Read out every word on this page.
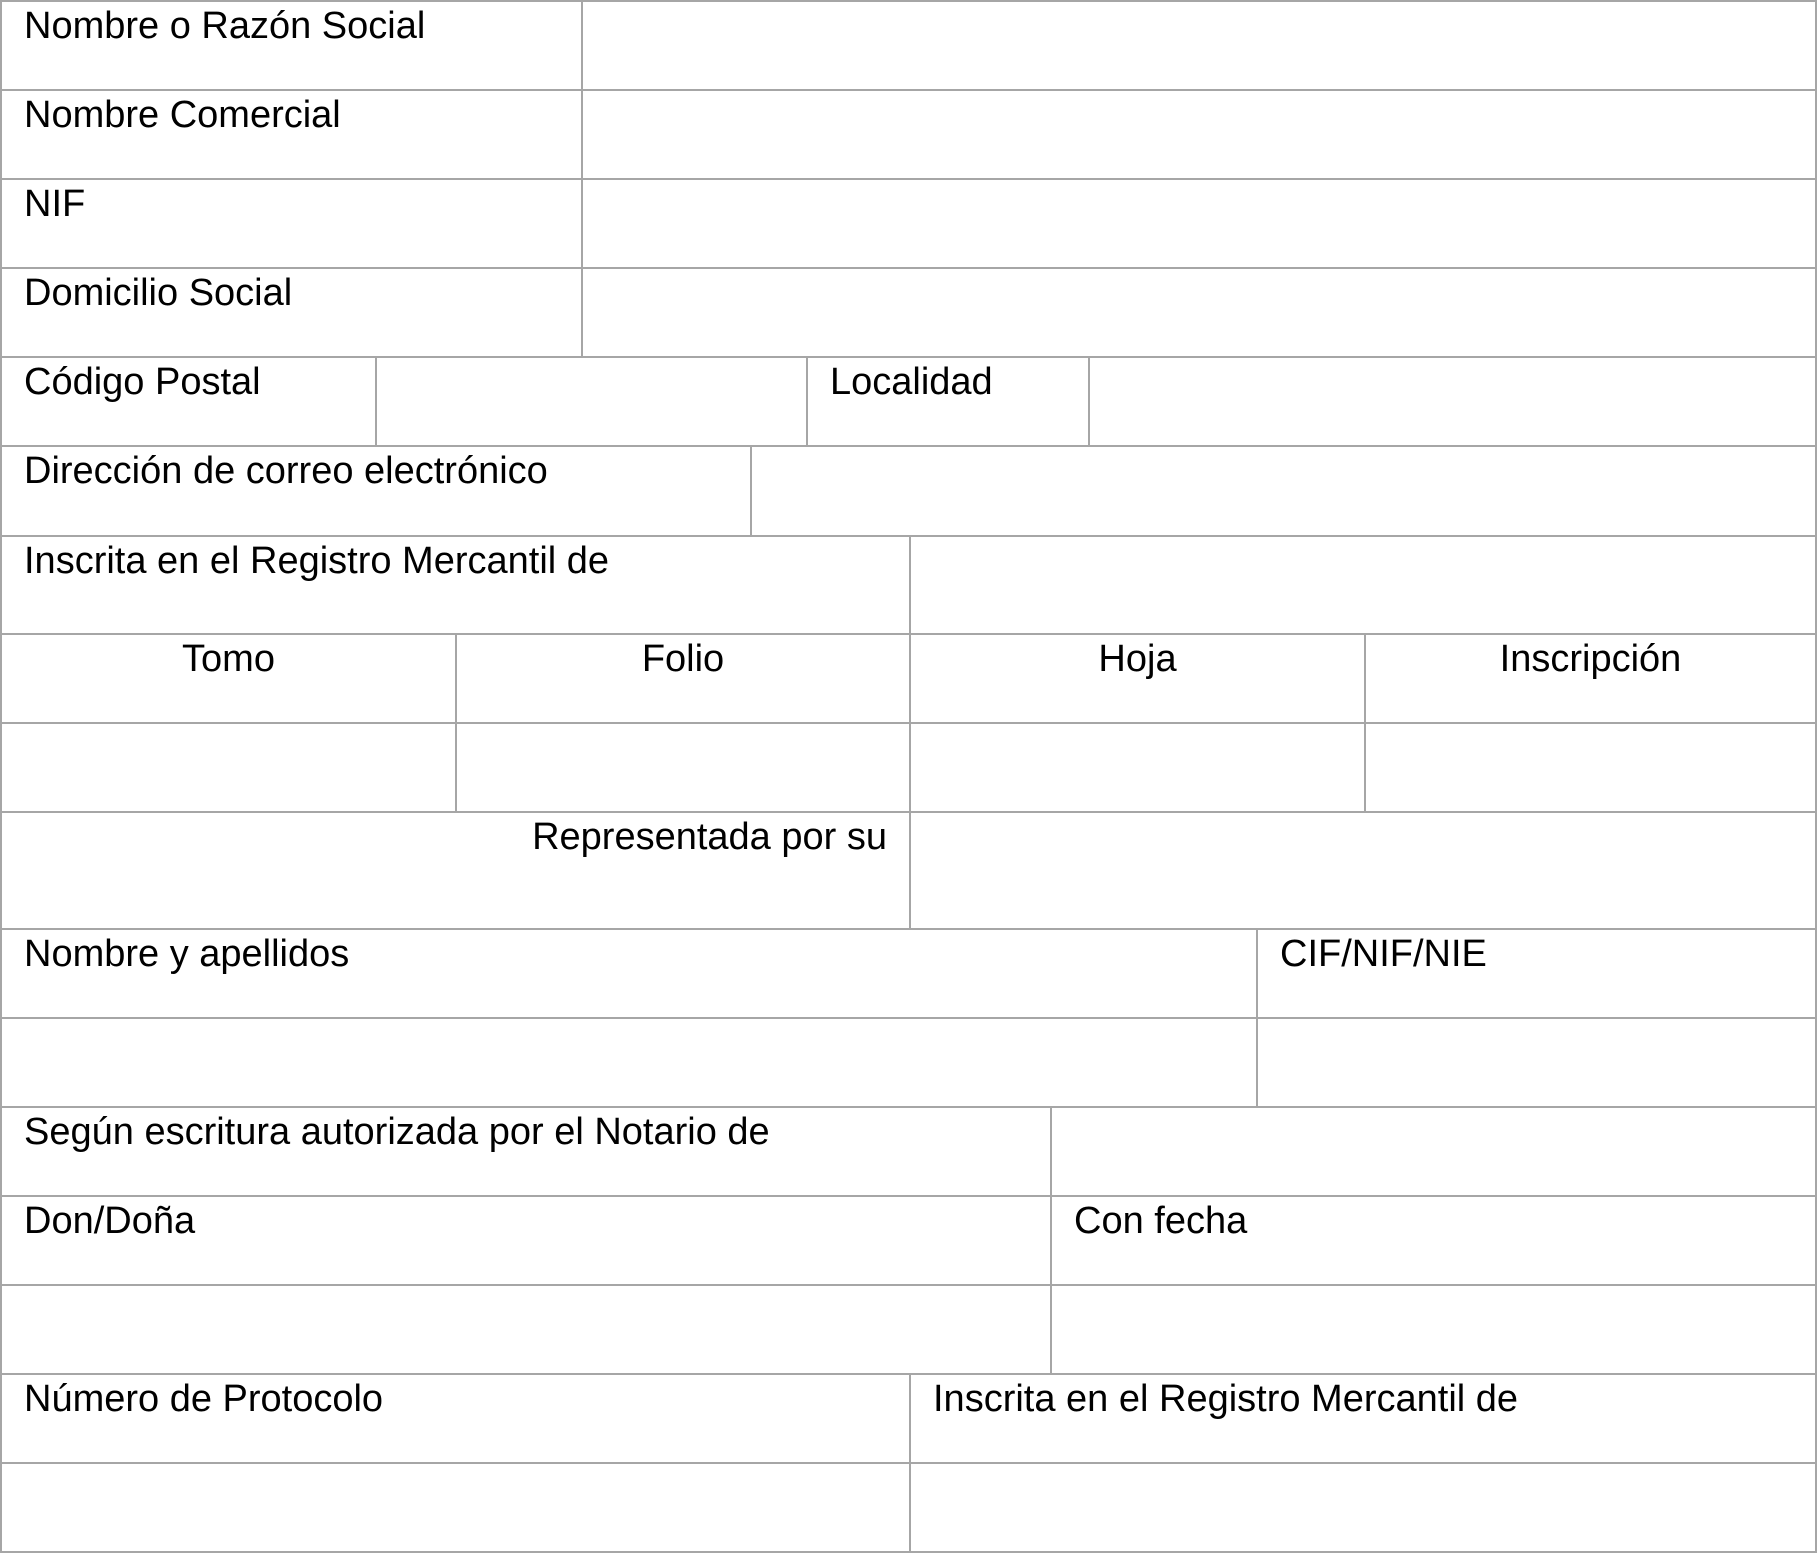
Nombre o Razón Social
Nombre Comercial
NIF
Domicilio Social
Código Postal	Localidad
Dirección de correo electrónico
Inscrita en el Registro Mercantil de
Tomo	Folio	Hoja	Inscripción
Representada por su
Nombre y apellidos	CIF/NIF/NIE
Según escritura autorizada por el Notario de
Don/Doña	Con fecha
Número de Protocolo	Inscrita en el Registro Mercantil de
